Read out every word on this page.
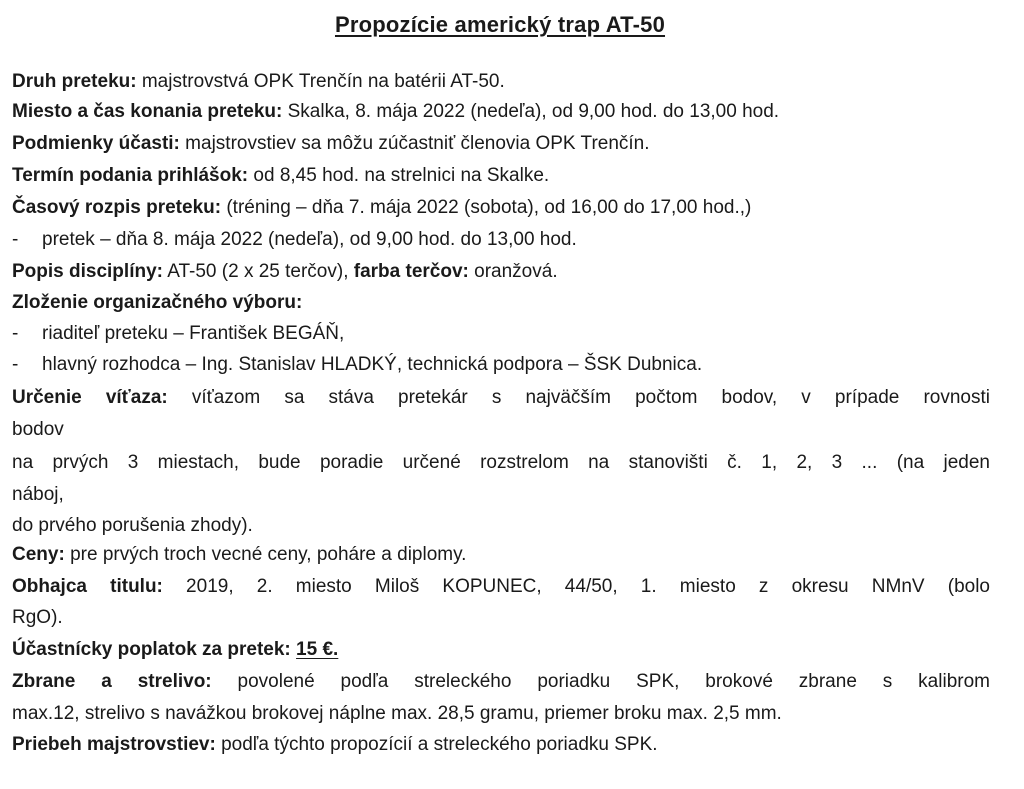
Propozície americký trap AT-50
Druh preteku: majstrovstvá OPK Trenčín na batérii AT-50.
Miesto a čas konania preteku: Skalka, 8. mája 2022 (nedeľa), od 9,00 hod. do 13,00 hod.
Podmienky účasti: majstrovstiev sa môžu zúčastniť členovia OPK Trenčín.
Termín podania prihlášok: od 8,45 hod. na strelnici na Skalke.
Časový rozpis preteku: (tréning – dňa 7. mája 2022 (sobota), od 16,00 do 17,00 hod.,)
- pretek – dňa 8. mája 2022 (nedeľa), od 9,00 hod. do 13,00 hod.
Popis disciplíny: AT-50 (2 x 25 terčov), farba terčov: oranžová.
Zloženie organizačného výboru:
- riaditeľ preteku – František BEGÁŇ,
- hlavný rozhodca – Ing. Stanislav HLADKÝ, technická podpora – ŠSK Dubnica.
Určenie víťaza: víťazom sa stáva pretekár s najväčším počtom bodov, v prípade rovnosti
bodov
na prvých 3 miestach, bude poradie určené rozstrelom na stanovišti č. 1, 2, 3 ... (na jeden
náboj,
do prvého porušenia zhody).
Ceny: pre prvých troch vecné ceny, poháre a diplomy.
Obhajca titulu: 2019, 2. miesto Miloš KOPUNEC, 44/50, 1. miesto z okresu NMnV (bolo
RgO).
Účastnícky poplatok za pretek: 15 €.
Zbrane a strelivo: povolené podľa streleckého poriadku SPK, brokové zbrane s kalibrom
max.12, strelivo s navážkou brokovej náplne max. 28,5 gramu, priemer broku max. 2,5 mm.
Priebeh majstrovstiev: podľa týchto propozícií a streleckého poriadku SPK.
